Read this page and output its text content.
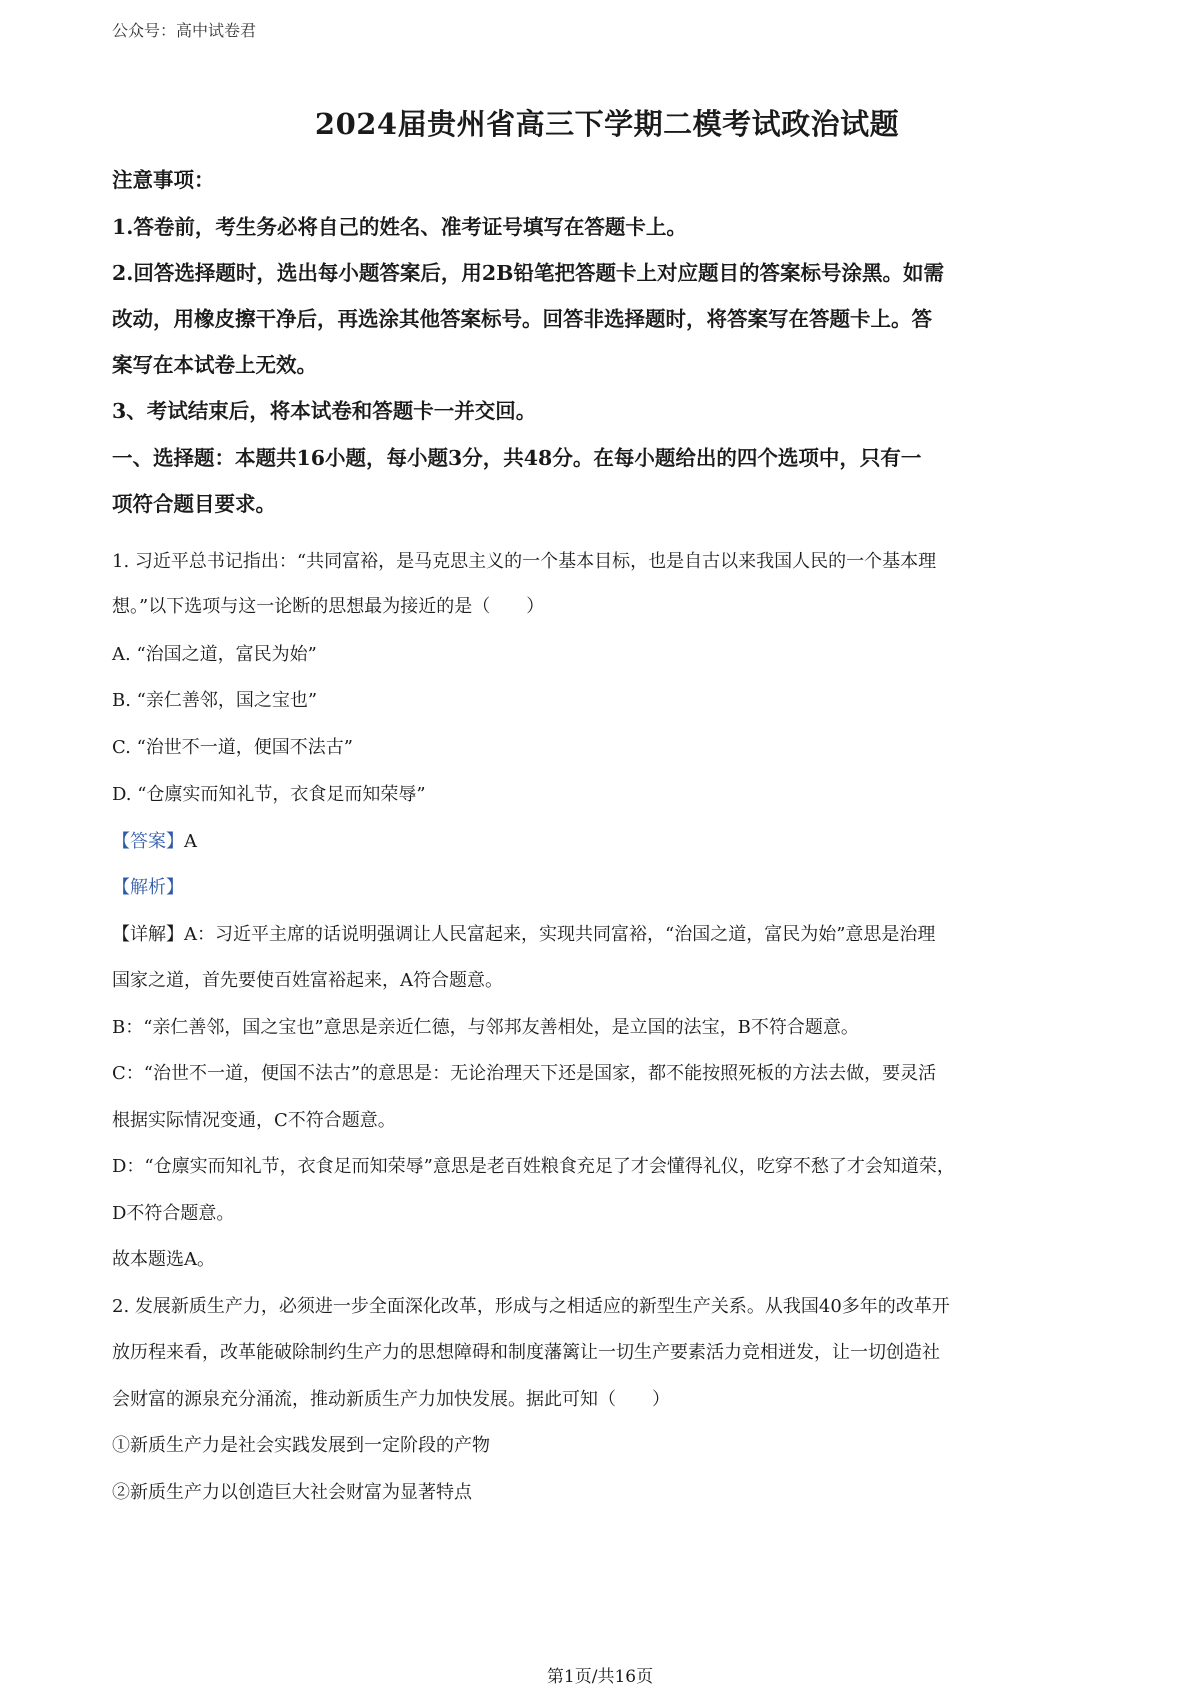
公众号：高中试卷君
2024届贵州省高三下学期二模考试政治试题
注意事项：
1.答卷前，考生务必将自己的姓名、准考证号填写在答题卡上。
2.回答选择题时，选出每小题答案后，用2B铅笔把答题卡上对应题目的答案标号涂黑。如需
改动，用橡皮擦干净后，再选涂其他答案标号。回答非选择题时，将答案写在答题卡上。答
案写在本试卷上无效。
3、考试结束后，将本试卷和答题卡一并交回。
一、选择题：本题共16小题，每小题3分，共48分。在每小题给出的四个选项中，只有一
项符合题目要求。
1. 习近平总书记指出：“共同富裕，是马克思主义的一个基本目标，也是自古以来我国人民的一个基本理
想。”以下选项与这一论断的思想最为接近的是（　　）
A. “治国之道，富民为始”
B. “亲仁善邻，国之宝也”
C. “治世不一道，便国不法古”
D. “仓廪实而知礼节，衣食足而知荣辱”
【答案】A
【解析】
【详解】A：习近平主席的话说明强调让人民富起来，实现共同富裕，“治国之道，富民为始”意思是治理
国家之道，首先要使百姓富裕起来，A符合题意。
B：“亲仁善邻，国之宝也”意思是亲近仁德，与邻邦友善相处，是立国的法宝，B不符合题意。
C：“治世不一道，便国不法古”的意思是：无论治理天下还是国家，都不能按照死板的方法去做，要灵活
根据实际情况变通，C不符合题意。
D：“仓廪实而知礼节，衣食足而知荣辱”意思是老百姓粮食充足了才会懂得礼仪，吃穿不愁了才会知道荣，
D不符合题意。
故本题选A。
2. 发展新质生产力，必须进一步全面深化改革，形成与之相适应的新型生产关系。从我国40多年的改革开
放历程来看，改革能破除制约生产力的思想障碍和制度藩篱让一切生产要素活力竞相迸发，让一切创造社
会财富的源泉充分涌流，推动新质生产力加快发展。据此可知（　　）
①新质生产力是社会实践发展到一定阶段的产物
②新质生产力以创造巨大社会财富为显著特点
第1页/共16页
